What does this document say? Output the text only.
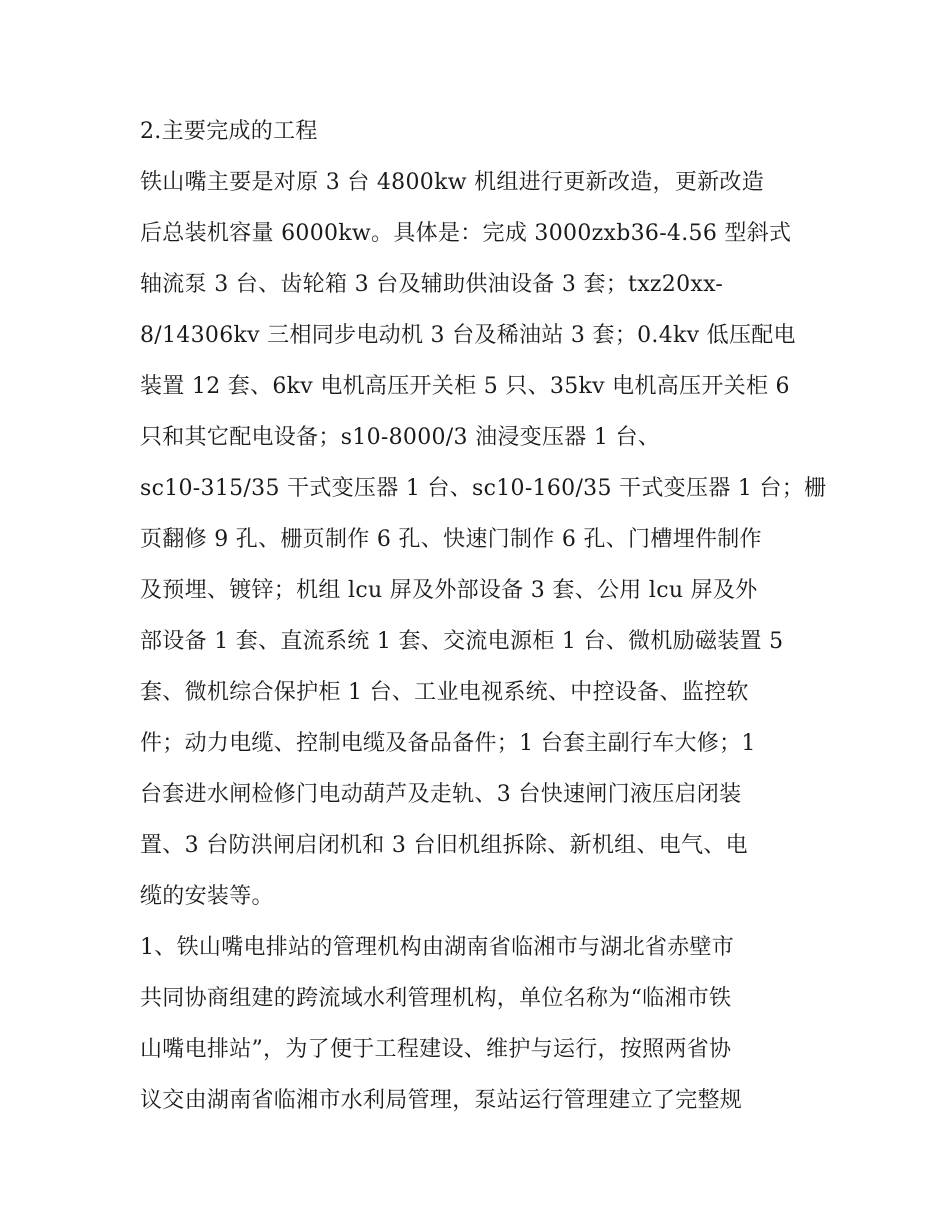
2.主要完成的工程
铁山嘴主要是对原 3 台 4800kw 机组进行更新改造，更新改造
后总装机容量 6000kw。具体是：完成 3000zxb36-4.56 型斜式
轴流泵 3 台、齿轮箱 3 台及辅助供油设备 3 套；txz20xx-
8/14306kv 三相同步电动机 3 台及稀油站 3 套；0.4kv 低压配电
装置 12 套、6kv 电机高压开关柜 5 只、35kv 电机高压开关柜 6
只和其它配电设备；s10-8000/3 油浸变压器 1 台、
sc10-315/35 干式变压器 1 台、sc10-160/35 干式变压器 1 台；栅
页翻修 9 孔、栅页制作 6 孔、快速门制作 6 孔、门槽埋件制作
及预埋、镀锌；机组 lcu 屏及外部设备 3 套、公用 lcu 屏及外
部设备 1 套、直流系统 1 套、交流电源柜 1 台、微机励磁装置 5
套、微机综合保护柜 1 台、工业电视系统、中控设备、监控软
件；动力电缆、控制电缆及备品备件；1 台套主副行车大修；1
台套进水闸检修门电动葫芦及走轨、3 台快速闸门液压启闭装
置、3 台防洪闸启闭机和 3 台旧机组拆除、新机组、电气、电
缆的安装等。
1、铁山嘴电排站的管理机构由湖南省临湘市与湖北省赤壁市
共同协商组建的跨流域水利管理机构，单位名称为“临湘市铁
山嘴电排站”，为了便于工程建设、维护与运行，按照两省协
议交由湖南省临湘市水利局管理，泵站运行管理建立了完整规
